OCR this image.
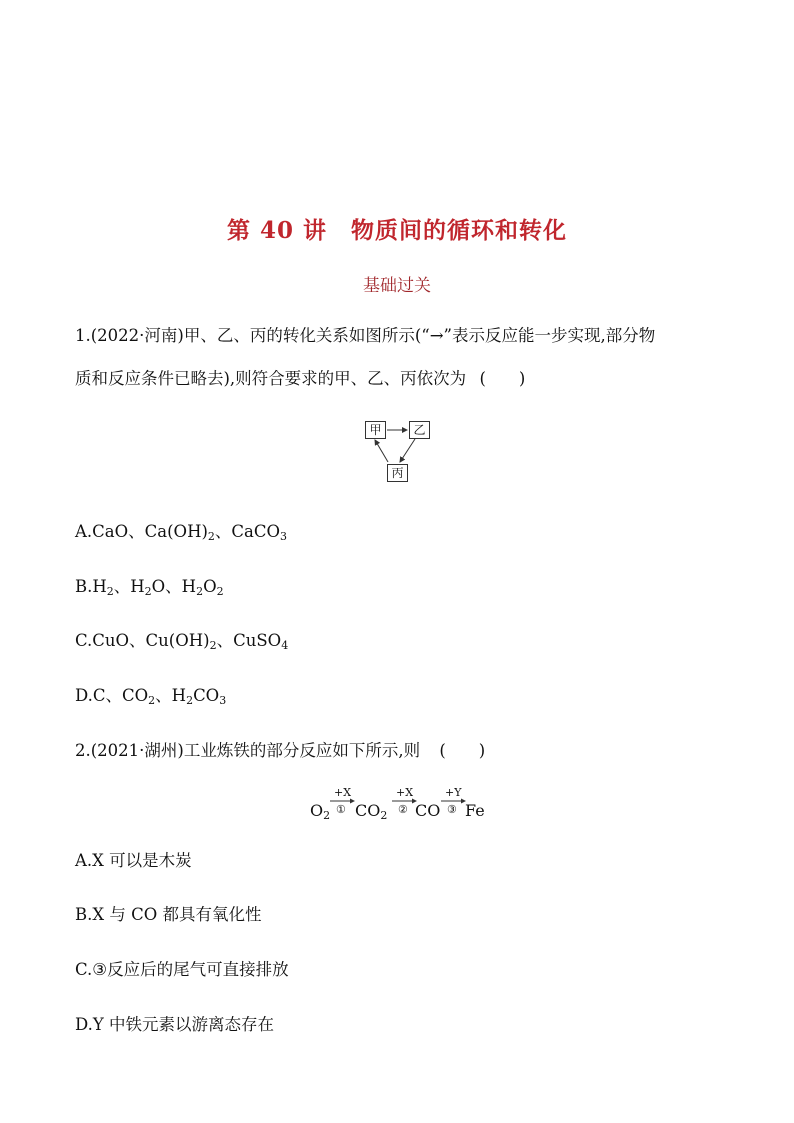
第 40 讲　物质间的循环和转化
基础过关
1.(2022·河南)甲、乙、丙的转化关系如图所示(“→”表示反应能一步实现,部分物
质和反应条件已略去),则符合要求的甲、乙、丙依次为 (　　)
甲	乙
丙
A.CaO、$Ca(OH)_2$、CaCO$_3$
$B.H_2$、$H_2O$、$H_2O_2$
C.CuO、$Cu(OH)_2$、CuSO$_4$
D.C、$CO_2$、$H_2CO_3$
2.(2021·湖州)工业炼铁的部分反应如下所示,则 (　　)
+X	+X	+Y
$O_2$ ① $CO_2$ ② CO ③ Fe
A.X 可以是木炭
B.X 与 CO 都具有氧化性
C.③反应后的尾气可直接排放
D.Y 中铁元素以游离态存在
